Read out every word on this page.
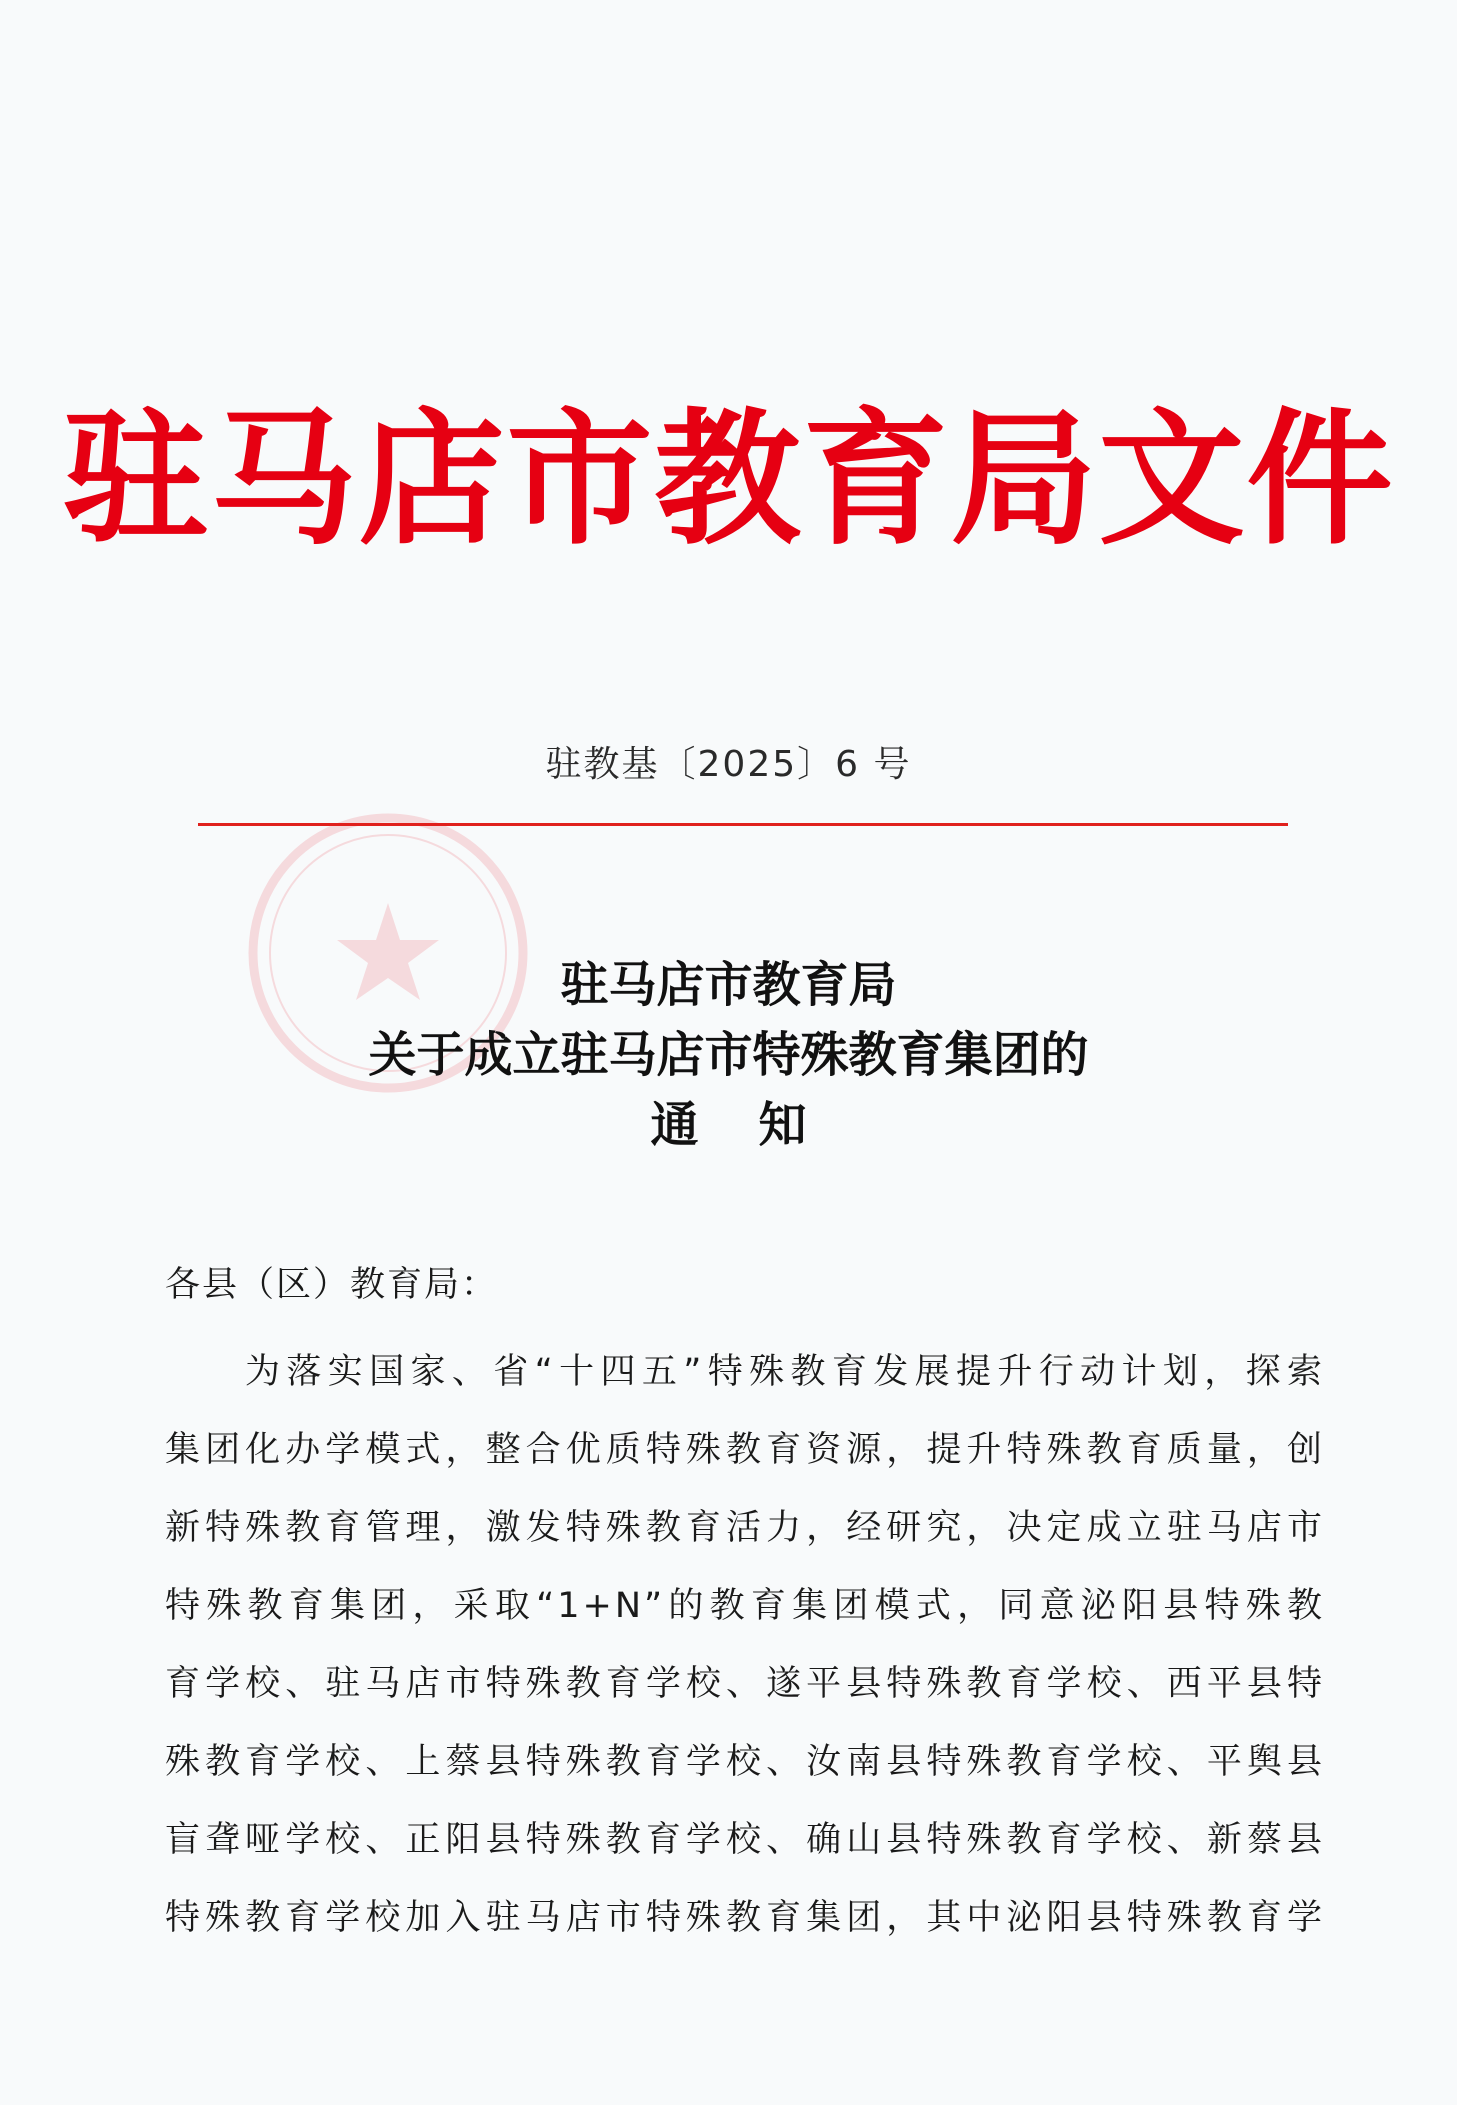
驻马店市教育局文件
驻教基〔2025〕6 号
驻马店市教育局
关于成立驻马店市特殊教育集团的
通知
各县（区）教育局：
为落实国家、省“十四五”特殊教育发展提升行动计划，探索
集团化办学模式，整合优质特殊教育资源，提升特殊教育质量，创
新特殊教育管理，激发特殊教育活力，经研究，决定成立驻马店市
特殊教育集团，采取“1+N”的教育集团模式，同意泌阳县特殊教
育学校、驻马店市特殊教育学校、遂平县特殊教育学校、西平县特
殊教育学校、上蔡县特殊教育学校、汝南县特殊教育学校、平舆县
盲聋哑学校、正阳县特殊教育学校、确山县特殊教育学校、新蔡县
特殊教育学校加入驻马店市特殊教育集团，其中泌阳县特殊教育学
